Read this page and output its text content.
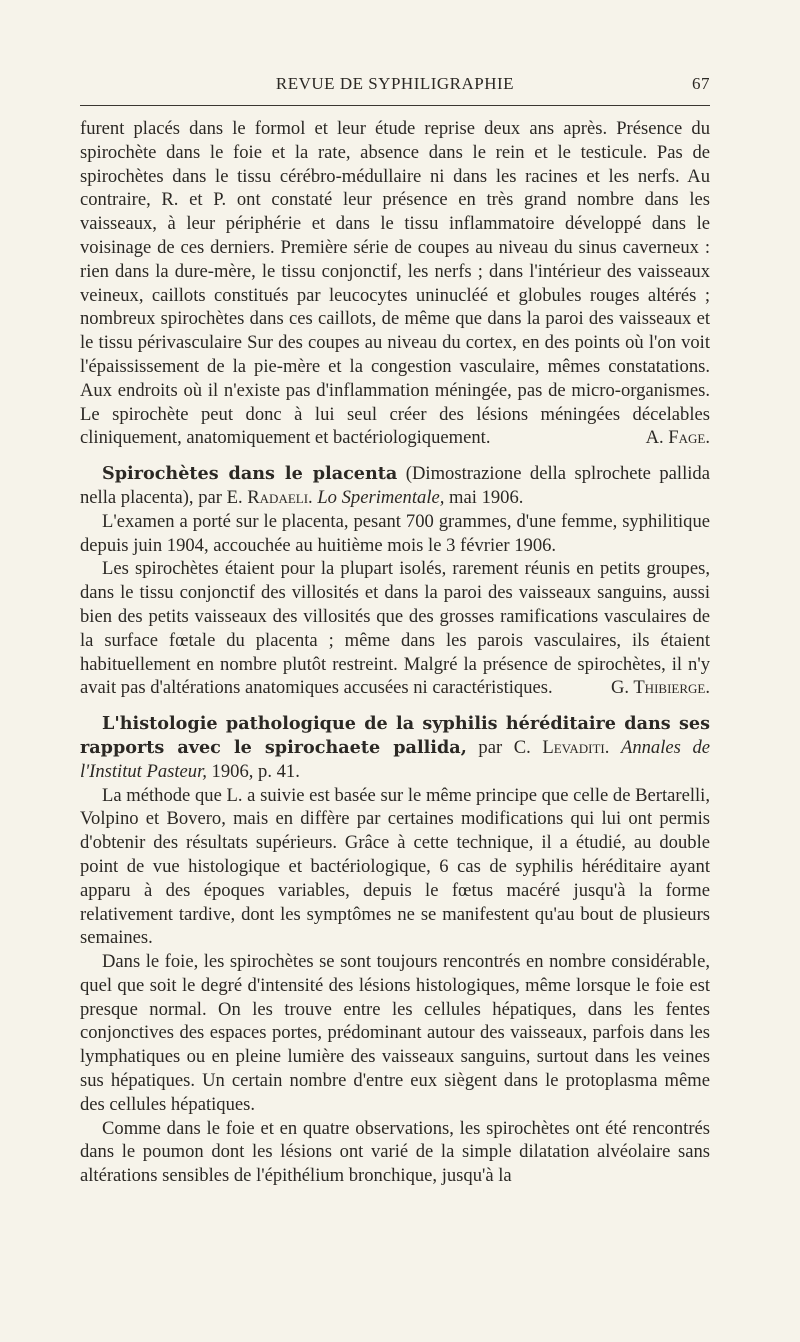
REVUE DE SYPHILIGRAPHIE	67

furent placés dans le formol et leur étude reprise deux ans après. Présence du spirochète dans le foie et la rate, absence dans le rein et le testicule. Pas de spirochètes dans le tissu cérébro-médullaire ni dans les racines et les nerfs. Au contraire, R. et P. ont constaté leur présence en très grand nombre dans les vaisseaux, à leur périphérie et dans le tissu inflammatoire développé dans le voisinage de ces derniers. Première série de coupes au niveau du sinus caverneux : rien dans la dure-mère, le tissu conjonctif, les nerfs ; dans l'intérieur des vaisseaux veineux, caillots constitués par leucocytes uninucléé et globules rouges altérés ; nombreux spirochètes dans ces caillots, de même que dans la paroi des vaisseaux et le tissu périvasculaire Sur des coupes au niveau du cortex, en des points où l'on voit l'épaississement de la pie-mère et la congestion vasculaire, mêmes constatations. Aux endroits où il n'existe pas d'inflammation méningée, pas de micro-organismes. Le spirochète peut donc à lui seul créer des lésions méningées décelables cliniquement, anatomiquement et bactériologiquement.	A. Fage.

Spirochètes dans le placenta (Dimostrazione della splrochete pallida nella placenta), par E. Radaeli. Lo Sperimentale, mai 1906.

L'examen a porté sur le placenta, pesant 700 grammes, d'une femme, syphilitique depuis juin 1904, accouchée au huitième mois le 3 février 1906.

Les spirochètes étaient pour la plupart isolés, rarement réunis en petits groupes, dans le tissu conjonctif des villosités et dans la paroi des vaisseaux sanguins, aussi bien des petits vaisseaux des villosités que des grosses ramifications vasculaires de la surface fœtale du placenta ; même dans les parois vasculaires, ils étaient habituellement en nombre plutôt restreint. Malgré la présence de spirochètes, il n'y avait pas d'altérations anatomiques accusées ni caractéristiques.	G. Thibierge.

L'histologie pathologique de la syphilis héréditaire dans ses rapports avec le spirochaete pallida, par C. Levaditi. Annales de l'Institut Pasteur, 1906, p. 41.

La méthode que L. a suivie est basée sur le même principe que celle de Bertarelli, Volpino et Bovero, mais en diffère par certaines modifications qui lui ont permis d'obtenir des résultats supérieurs. Grâce à cette technique, il a étudié, au double point de vue histologique et bactériologique, 6 cas de syphilis héréditaire ayant apparu à des époques variables, depuis le fœtus macéré jusqu'à la forme relativement tardive, dont les symptômes ne se manifestent qu'au bout de plusieurs semaines.

Dans le foie, les spirochètes se sont toujours rencontrés en nombre considérable, quel que soit le degré d'intensité des lésions histologiques, même lorsque le foie est presque normal. On les trouve entre les cellules hépatiques, dans les fentes conjonctives des espaces portes, prédominant autour des vaisseaux, parfois dans les lymphatiques ou en pleine lumière des vaisseaux sanguins, surtout dans les veines sus hépatiques. Un certain nombre d'entre eux siègent dans le protoplasma même des cellules hépatiques.

Comme dans le foie et en quatre observations, les spirochètes ont été rencontrés dans le poumon dont les lésions ont varié de la simple dilatation alvéolaire sans altérations sensibles de l'épithélium bronchique, jusqu'à la
